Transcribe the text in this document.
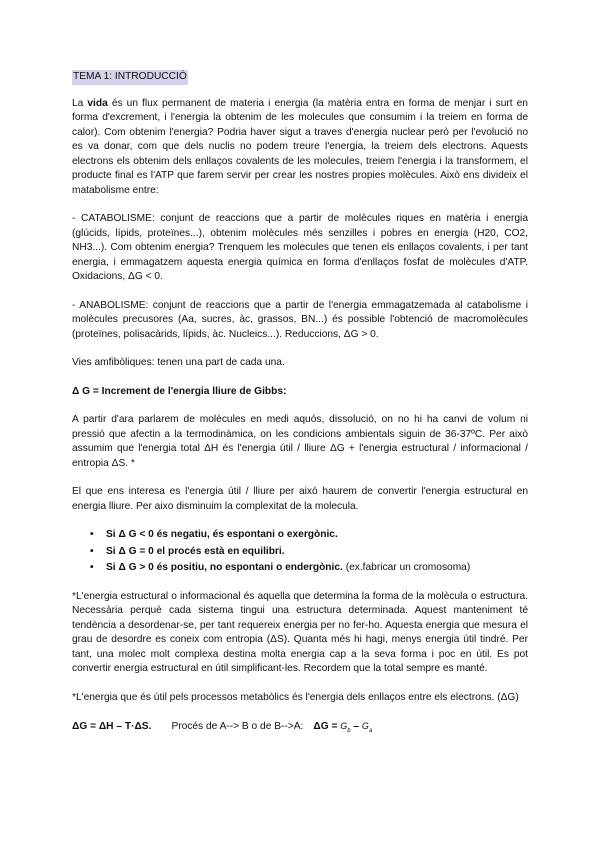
TEMA 1: INTRODUCCIÓ

La vida és un flux permanent de materia i energia (la matèria entra en forma de menjar i surt en forma d'excrement, i l'energia la obtenim de les molecules que consumim i la treiem en forma de calor). Com obtenim l'energia? Podria haver sigut a traves d'energia nuclear però per l'evolució no es va donar, com que dels nuclis no podem treure l'energia, la treiem dels electrons. Aquests electrons els obtenim dels enllaços covalents de les molecules, treiem l'energia i la transformem, el producte final es l'ATP que farem servir per crear les nostres propies molècules. Això ens divideix el matabolisme entre:

- CATABOLISME: conjunt de reaccions que a partir de molècules riques en matèria i energia (glúcids, lípids, proteïnes...), obtenim molècules més senzilles i pobres en energia (H20, CO2, NH3...). Com obtenim energia? Trenquem les molecules que tenen els enllaços covalents, i per tant energia, i emmagatzem aquesta energia química en forma d'enllaços fosfat de molècules d'ATP. Oxidacions, ΔG < 0.

- ANABOLISME: conjunt de reaccions que a partir de l'energia emmagatzemada al catabolisme i molècules precusores (Aa, sucres, àc, grassos, BN...) és possible l'obtenció de macromolècules (proteïnes, polisacàrids, lípids, àc. Nucleics...). Reduccions, ΔG > 0.

Vies amfibòliques: tenen una part de cada una.

Δ G = Increment de l'energia lliure de Gibbs:

A partir d'ara parlarem de molècules en medi aquós, dissolució, on no hi ha canvi de volum ni pressió que afectin a la termodinàmica, on les condicions ambientals siguin de 36-37ºC. Per això assumim que l'energia total ΔH és l'energia útil / lliure ΔG + l'energia estructural / informacional / entropia ΔS. *

El que ens interesa es l'energia útil / lliure per això haurem de convertir l'energia estructural en energia lliure. Per aixo disminuim la complexitat de la molecula.

• Si Δ G < 0 és negatiu, és espontani o exergònic.
• Si Δ G = 0 el procés està en equilibri.
• Si Δ G > 0 és positiu, no espontani o endergònic. (ex.fabricar un cromosoma)

*L'energia estructural o informacional és aquella que determina la forma de la molècula o estructura. Necessària perquè cada sistema tingui una estructura determinada. Aquest manteniment té tendència a desordenar-se, per tant requereix energia per no fer-ho. Aquesta energia que mesura el grau de desordre es coneix com entropia (ΔS). Quanta més hi hagi, menys energia útil tindré. Per tant, una molec molt complexa destina molta energia cap a la seva forma i poc en útil. Es pot convertir energia estructural en útil simplificant-les. Recordem que la total sempre es manté.

*L'energia que és útil pels processos metabòlics és l'energia dels enllaços entre els electrons. (ΔG)

ΔG = ΔH – T·ΔS. Procés de A--> B o de B-->A: $\Delta G = G_b - G_a$
